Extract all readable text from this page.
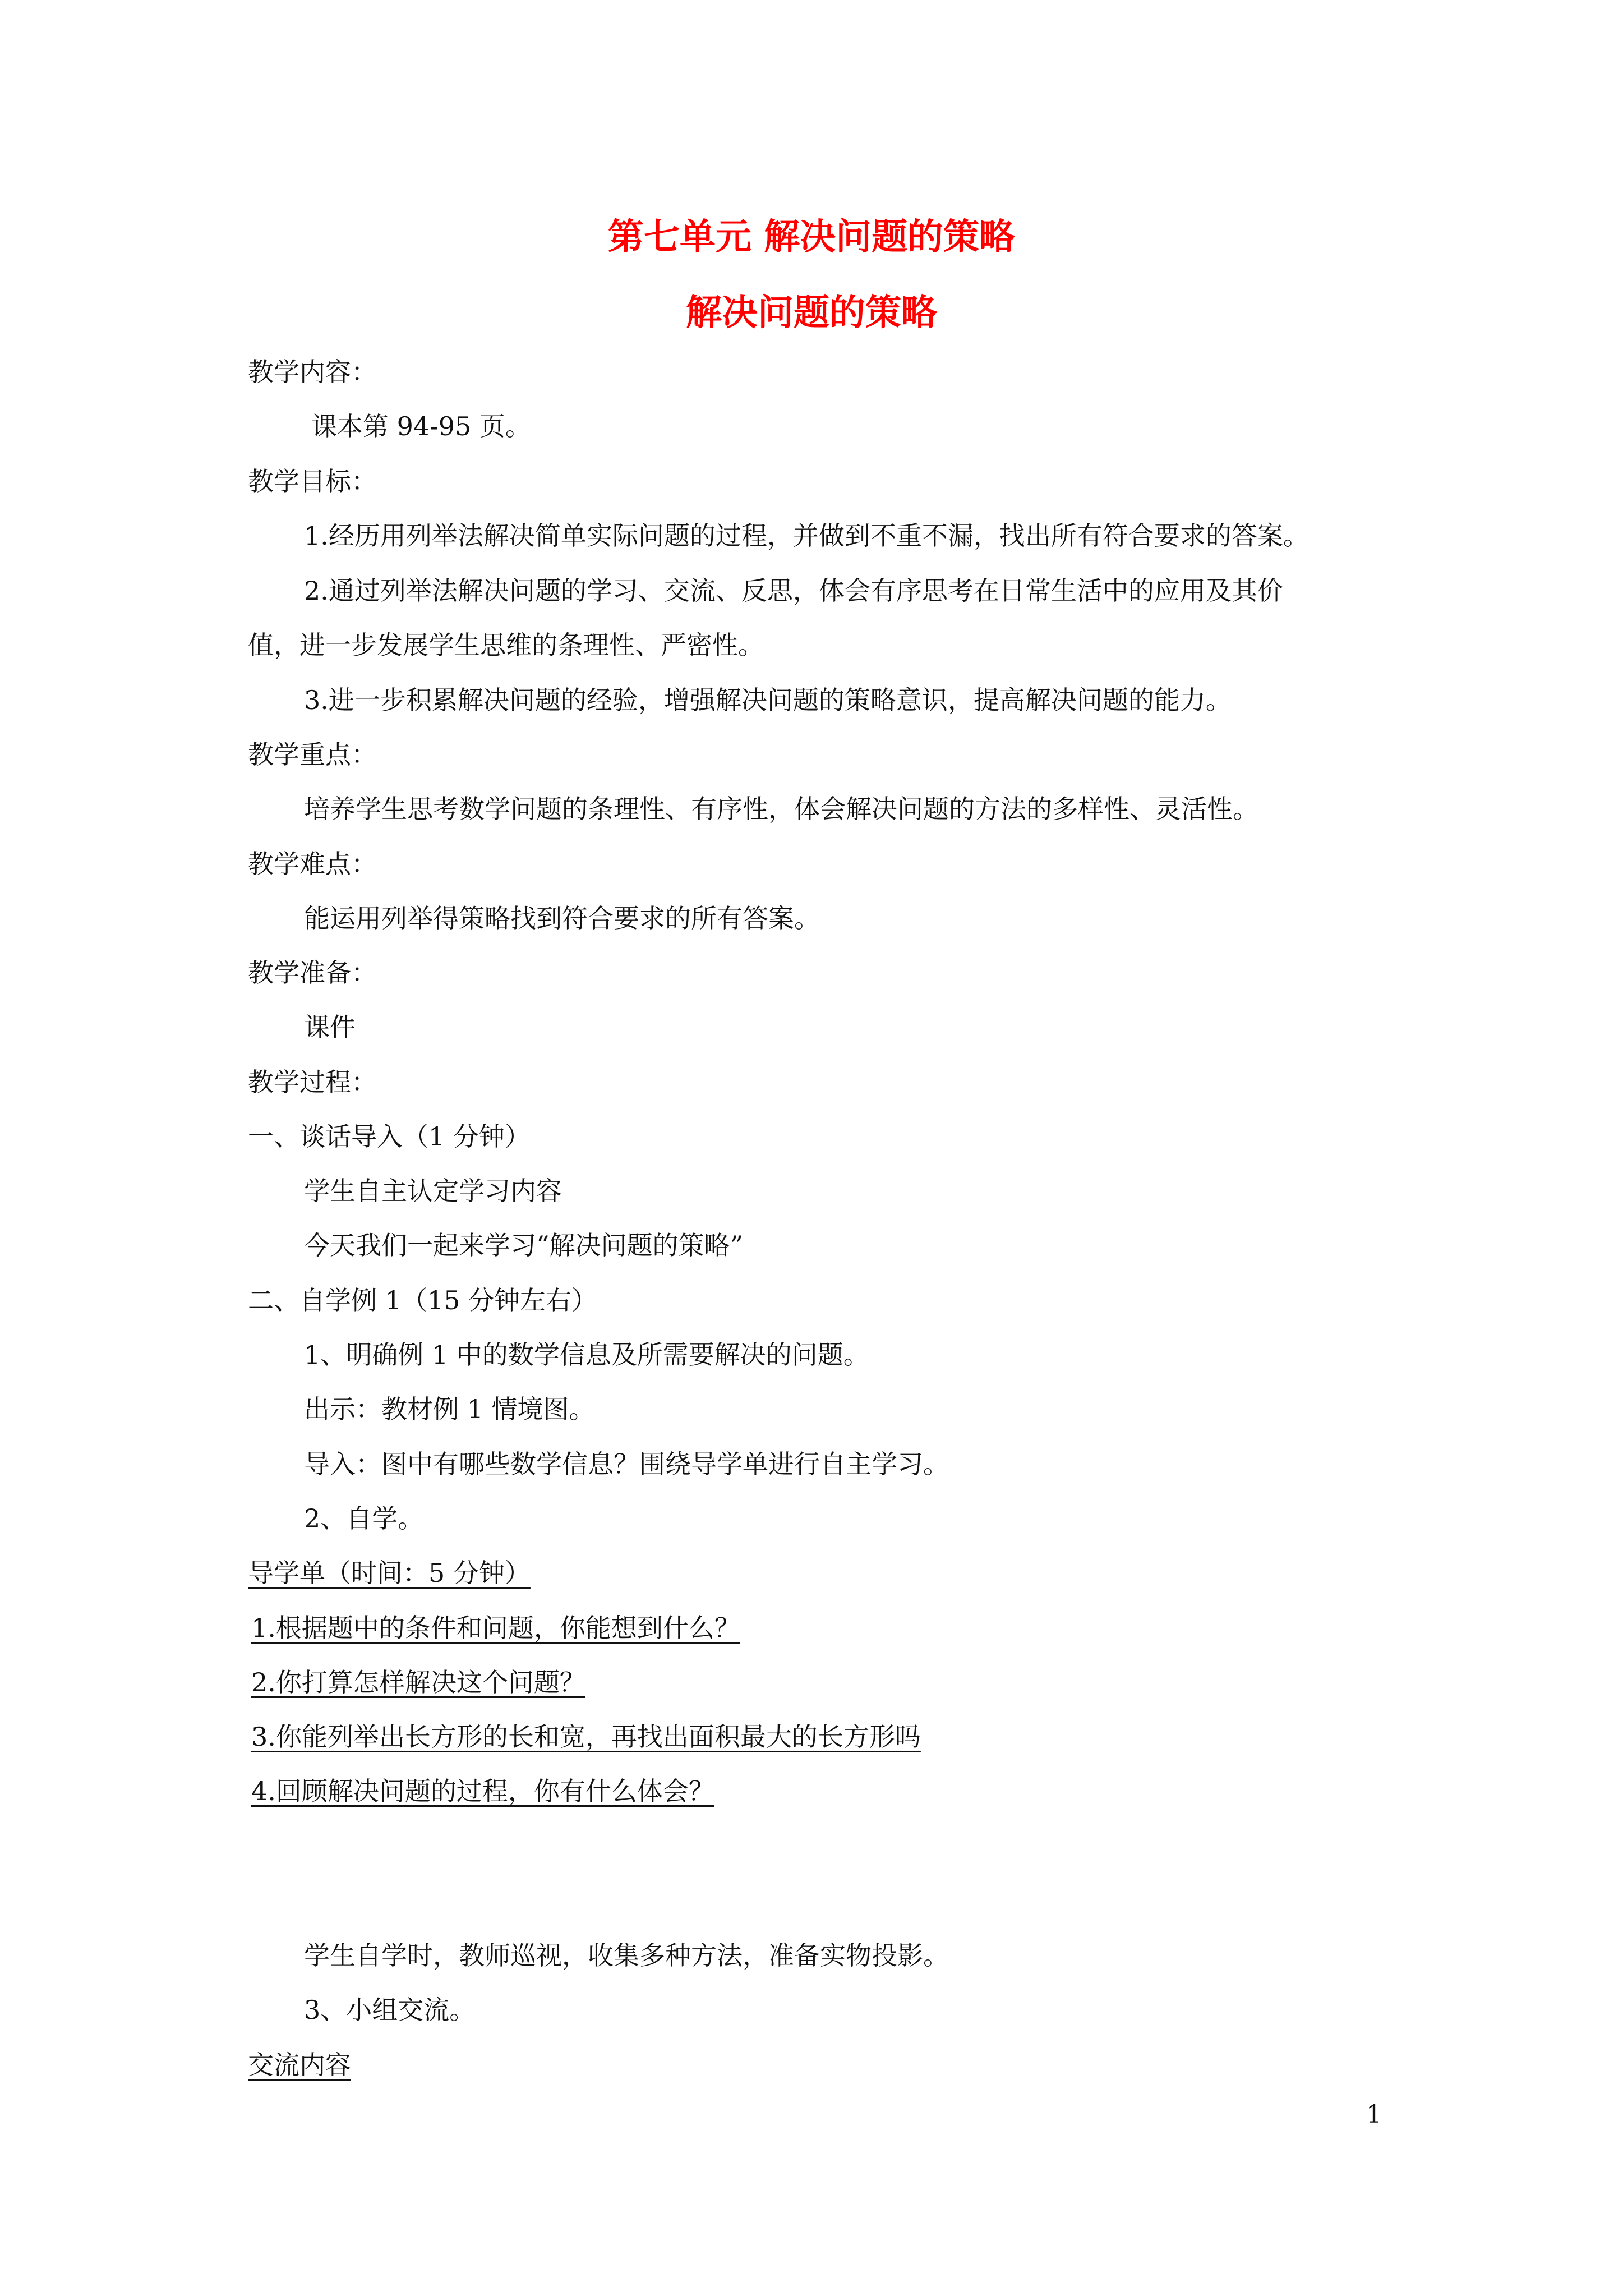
第七单元 解决问题的策略
解决问题的策略
教学内容：
课本第 94-95 页。
教学目标：
1.经历用列举法解决简单实际问题的过程，并做到不重不漏，找出所有符合要求的答案。
2.通过列举法解决问题的学习、交流、反思，体会有序思考在日常生活中的应用及其价
值，进一步发展学生思维的条理性、严密性。
3.进一步积累解决问题的经验，增强解决问题的策略意识，提高解决问题的能力。
教学重点：
培养学生思考数学问题的条理性、有序性，体会解决问题的方法的多样性、灵活性。
教学难点：
能运用列举得策略找到符合要求的所有答案。
教学准备：
课件
教学过程：
一、谈话导入（1 分钟）
学生自主认定学习内容
今天我们一起来学习“解决问题的策略”
二、自学例 1（15 分钟左右）
1、明确例 1 中的数学信息及所需要解决的问题。
出示：教材例 1 情境图。
导入：图中有哪些数学信息？围绕导学单进行自主学习。
2、自学。
导学单（时间：5 分钟）
1.根据题中的条件和问题，你能想到什么？
2.你打算怎样解决这个问题？
3.你能列举出长方形的长和宽，再找出面积最大的长方形吗
4.回顾解决问题的过程，你有什么体会？
学生自学时，教师巡视，收集多种方法，准备实物投影。
3、小组交流。
交流内容
1
